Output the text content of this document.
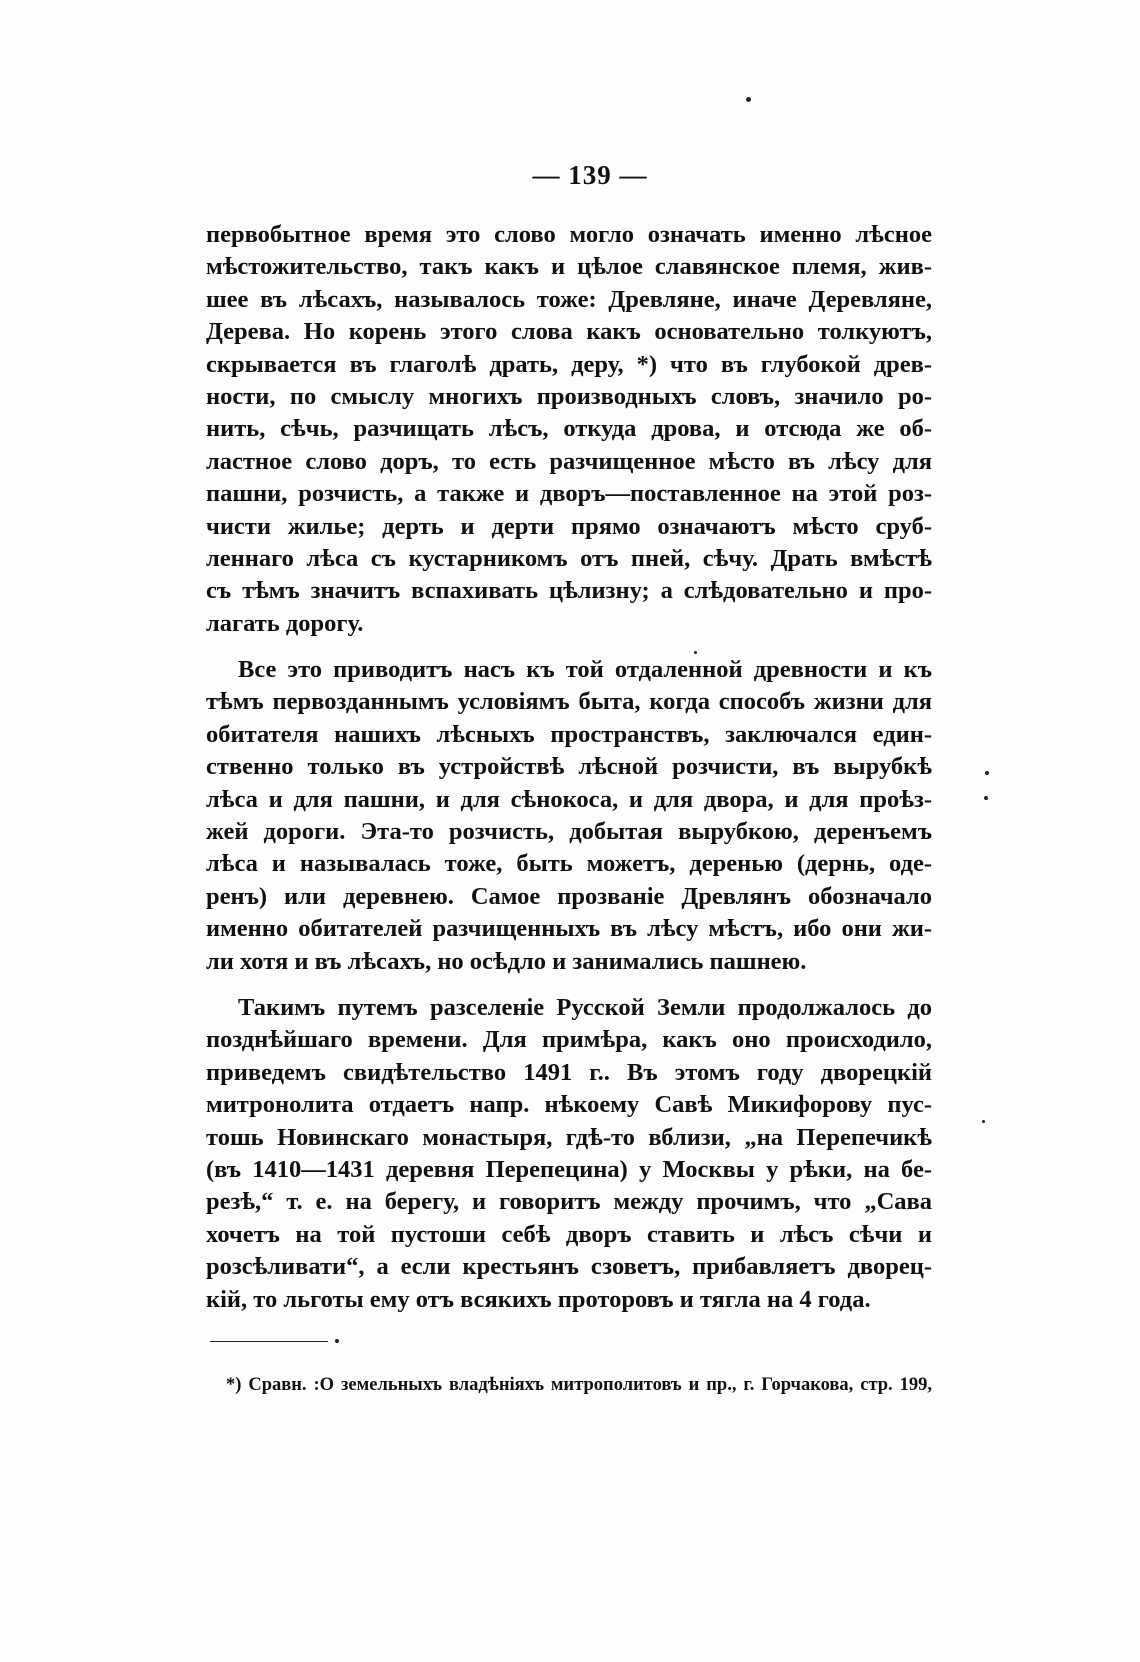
— 139 —
первобытное время это слово могло означать именно лѣсное
мѣстожительство, такъ какъ и цѣлое славянское племя, жив-
шее въ лѣсахъ, называлось тоже: Древляне, иначе Деревляне,
Дерева. Но корень этого слова какъ основательно толкуютъ,
скрывается въ глаголѣ драть, деру, *) что въ глубокой древ-
ности, по смыслу многихъ производныхъ словъ, значило ро-
нить, сѣчь, разчищать лѣсъ, откуда дрова, и отсюда же об-
ластное слово доръ, то есть разчищенное мѣсто въ лѣсу для
пашни, розчисть, а также и дворъ—поставленное на этой роз-
чисти жилье; дерть и дерти прямо означаютъ мѣсто сруб-
леннаго лѣса съ кустарникомъ отъ пней, сѣчу. Драть вмѣстѣ
съ тѣмъ значитъ вспахивать цѣлизну; а слѣдовательно и про-
лагать дорогу.
Все это приводитъ насъ къ той отдаленной древности и къ
тѣмъ первозданнымъ условіямъ быта, когда способъ жизни для
обитателя нашихъ лѣсныхъ пространствъ, заключался един-
ственно только въ устройствѣ лѣсной розчисти, въ вырубкѣ
лѣса и для пашни, и для сѣнокоса, и для двора, и для проѣз-
жей дороги. Эта-то розчисть, добытая вырубкою, деренъемъ
лѣса и называлась тоже, быть можетъ, деренью (дернь, оде-
ренъ) или деревнею. Самое прозваніе Древлянъ обозначало
именно обитателей разчищенныхъ въ лѣсу мѣстъ, ибо они жи-
ли хотя и въ лѣсахъ, но осѣдло и занимались пашнею.
Такимъ путемъ разселеніе Русской Земли продолжалось до
позднѣйшаго времени. Для примѣра, какъ оно происходило,
приведемъ свидѣтельство 1491 г.. Въ этомъ году дворецкій
митронолита отдаетъ напр. нѣкоему Савѣ Микифорову пус-
тошь Новинскаго монастыря, гдѣ-то вблизи, „на Перепечикѣ
(въ 1410—1431 деревня Перепецина) у Москвы у рѣки, на бе-
резѣ,“ т. е. на берегу, и говоритъ между прочимъ, что „Сава
хочетъ на той пустоши себѣ дворъ ставить и лѣсъ сѣчи и
розсѣливати“, а если крестьянъ сзоветъ, прибавляетъ дворец-
кій, то льготы ему отъ всякихъ проторовъ и тягла на 4 года.
*) Сравн. :О земельныхъ владѣніяхъ митрополитовъ и пр., г. Горчакова, стр. 199,
